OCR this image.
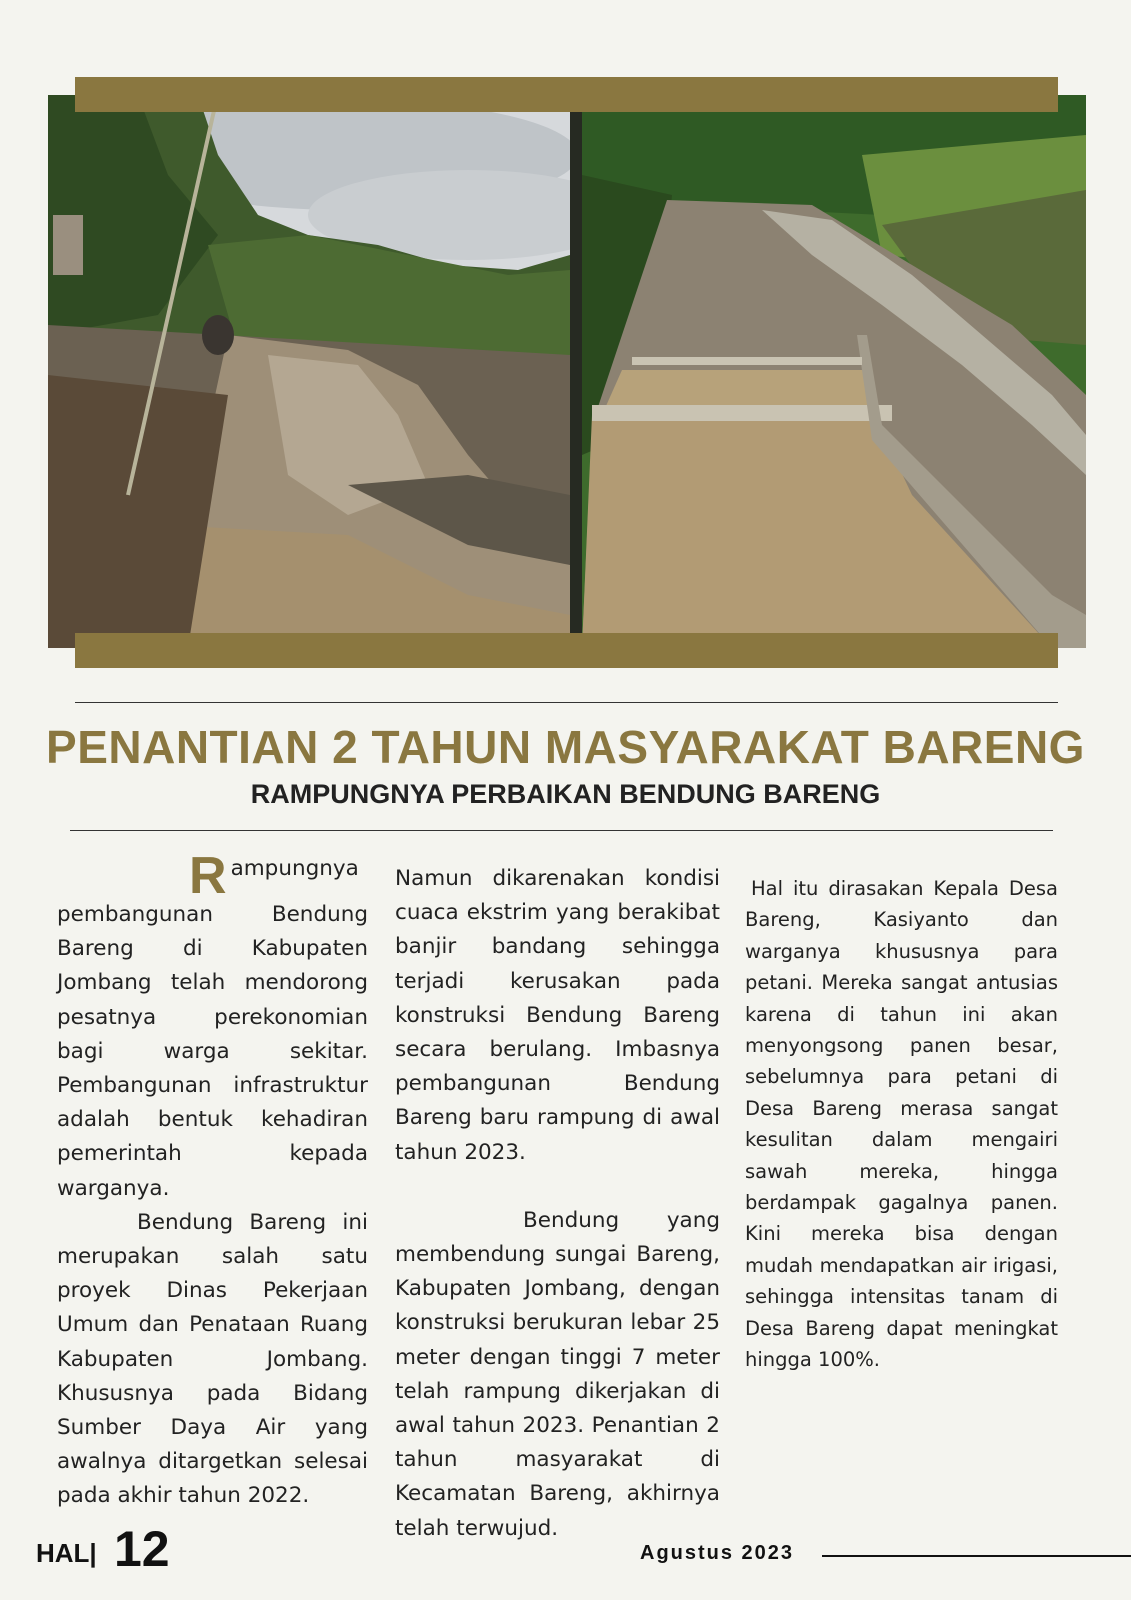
PENANTIAN 2 TAHUN MASYARAKAT BARENG
RAMPUNGNYA PERBAIKAN BENDUNG BARENG

Rampungnya pembangunan Bendung Bareng di Kabupaten Jombang telah mendorong pesatnya perekonomian bagi warga sekitar. Pembangunan infrastruktur adalah bentuk kehadiran pemerintah kepada warganya.

Bendung Bareng ini merupakan salah satu proyek Dinas Pekerjaan Umum dan Penataan Ruang Kabupaten Jombang. Khususnya pada Bidang Sumber Daya Air yang awalnya ditargetkan selesai pada akhir tahun 2022.

Namun dikarenakan kondisi cuaca ekstrim yang berakibat banjir bandang sehingga terjadi kerusakan pada konstruksi Bendung Bareng secara berulang. Imbasnya pembangunan Bendung Bareng baru rampung di awal tahun 2023.

Bendung yang membendung sungai Bareng, Kabupaten Jombang, dengan konstruksi berukuran lebar 25 meter dengan tinggi 7 meter telah rampung dikerjakan di awal tahun 2023. Penantian 2 tahun masyarakat di Kecamatan Bareng, akhirnya telah terwujud.

Hal itu dirasakan Kepala Desa Bareng, Kasiyanto dan warganya khususnya para petani. Mereka sangat antusias karena di tahun ini akan menyongsong panen besar, sebelumnya para petani di Desa Bareng merasa sangat kesulitan dalam mengairi sawah mereka, hingga berdampak gagalnya panen. Kini mereka bisa dengan mudah mendapatkan air irigasi, sehingga intensitas tanam di Desa Bareng dapat meningkat hingga 100%.

HAL| 12	Agustus 2023
